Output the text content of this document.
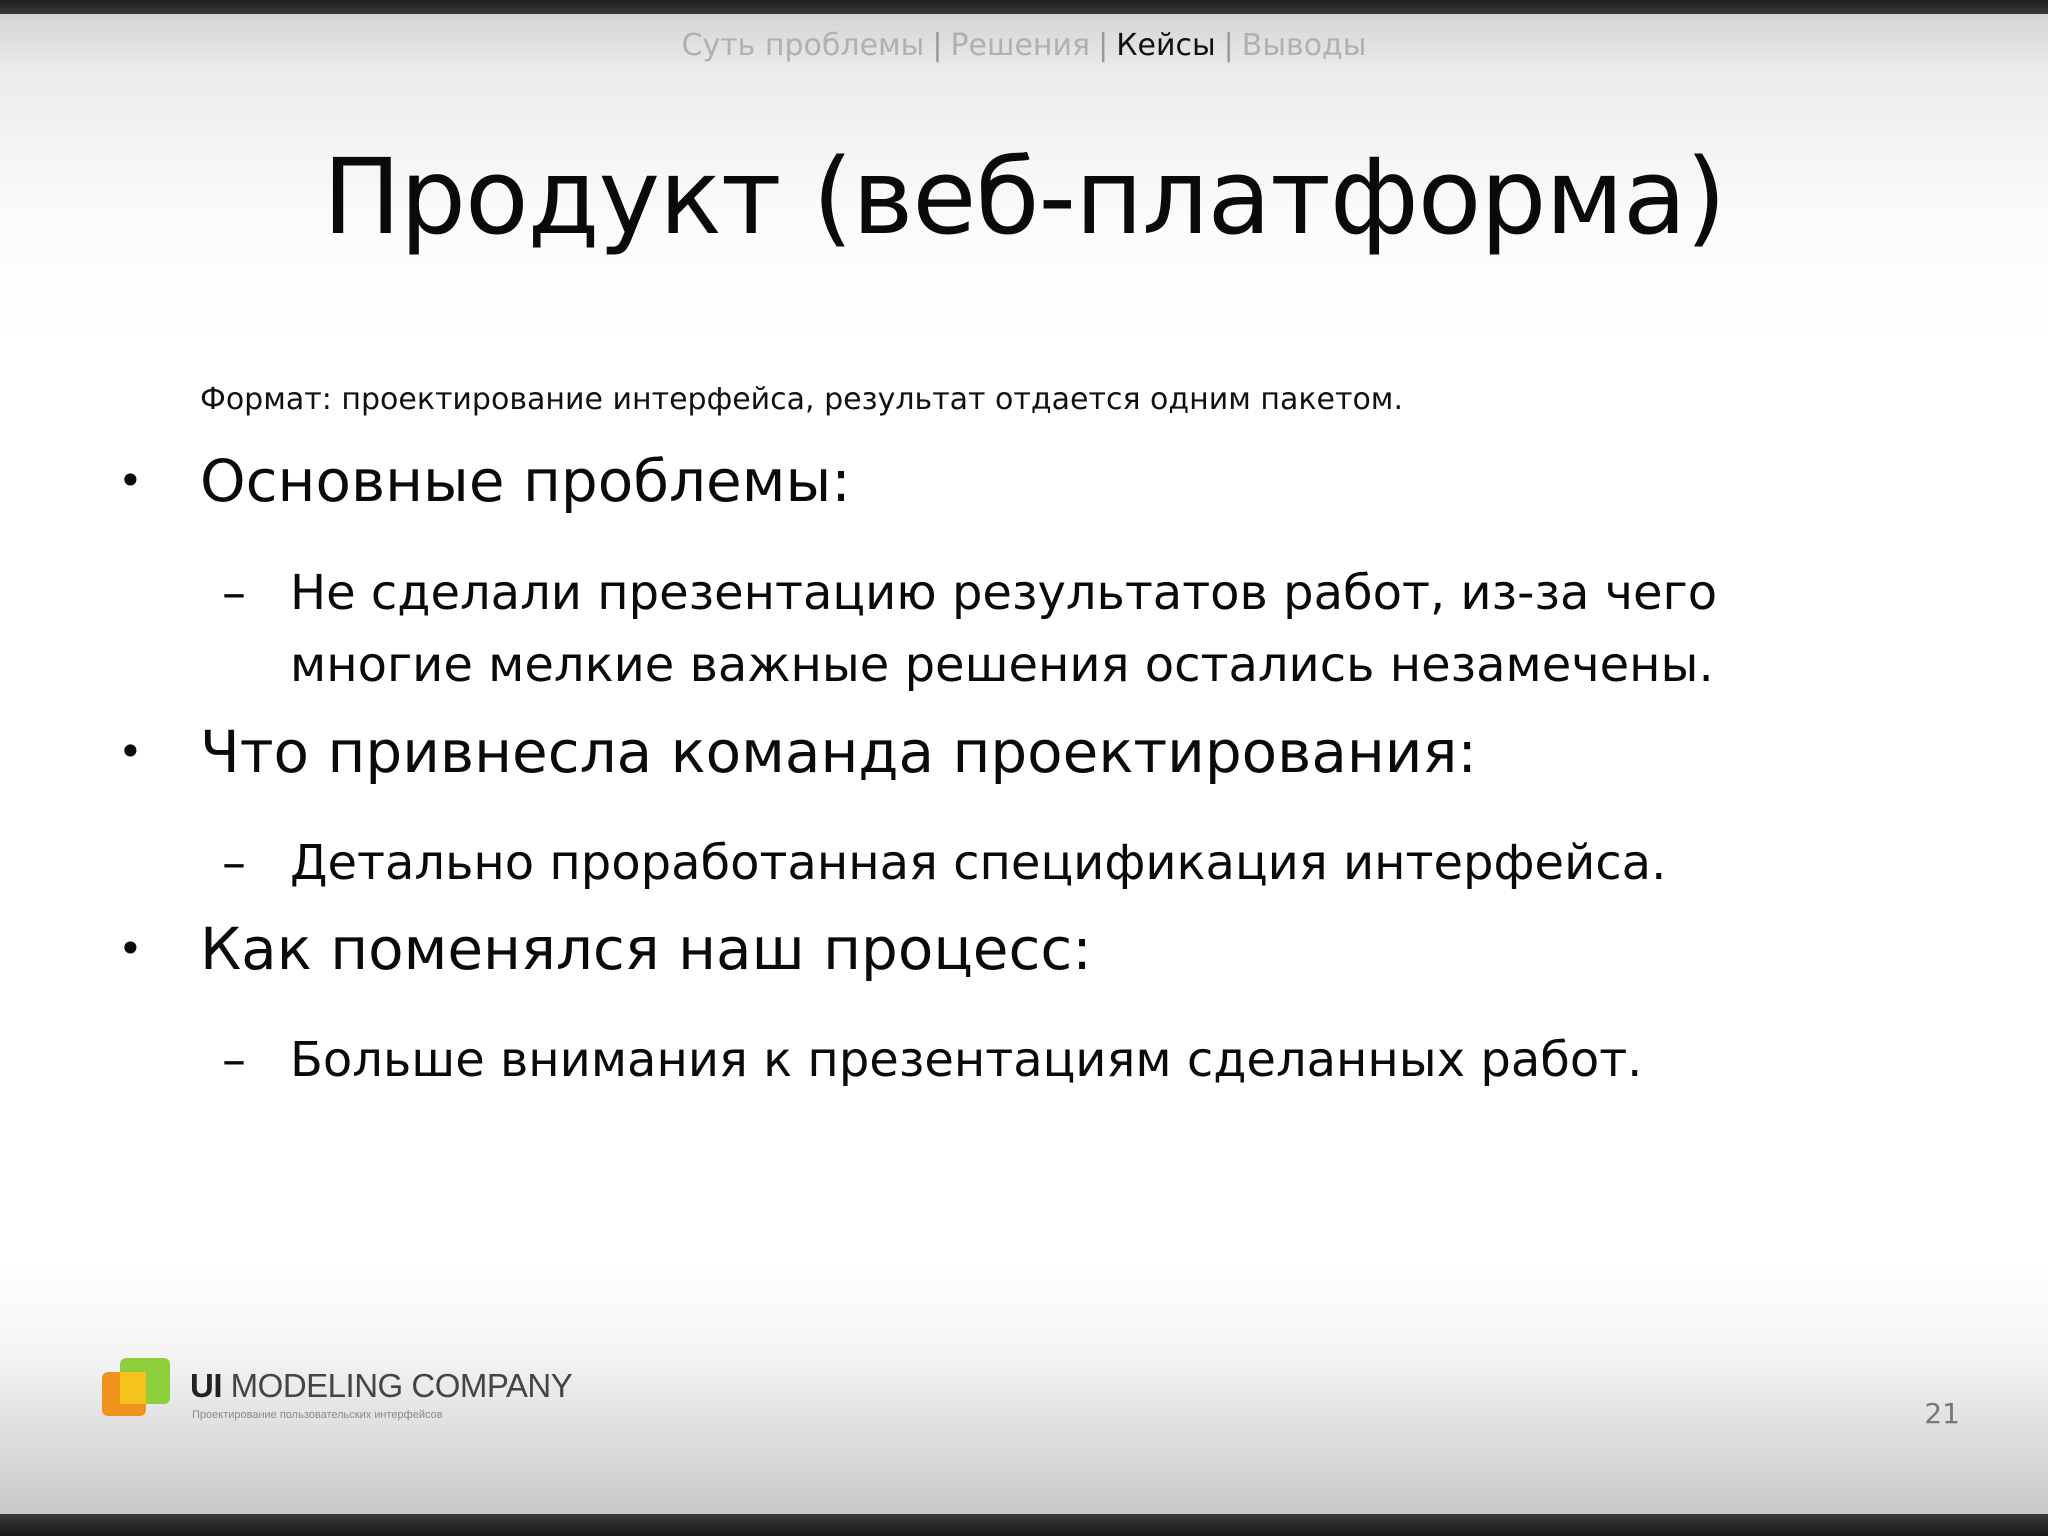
Суть проблемы | Решения | Кейсы | Выводы
Продукт (веб-платформа)
Формат: проектирование интерфейса, результат отдается одним пакетом.
• Основные проблемы:
– Не сделали презентацию результатов работ, из-за чего
многие мелкие важные решения остались незамечены.
• Что привнесла команда проектирования:
– Детально проработанная спецификация интерфейса.
• Как поменялся наш процесс:
– Больше внимания к презентациям сделанных работ.
UI MODELING COMPANY
Проектирование пользовательских интерфейсов	21
